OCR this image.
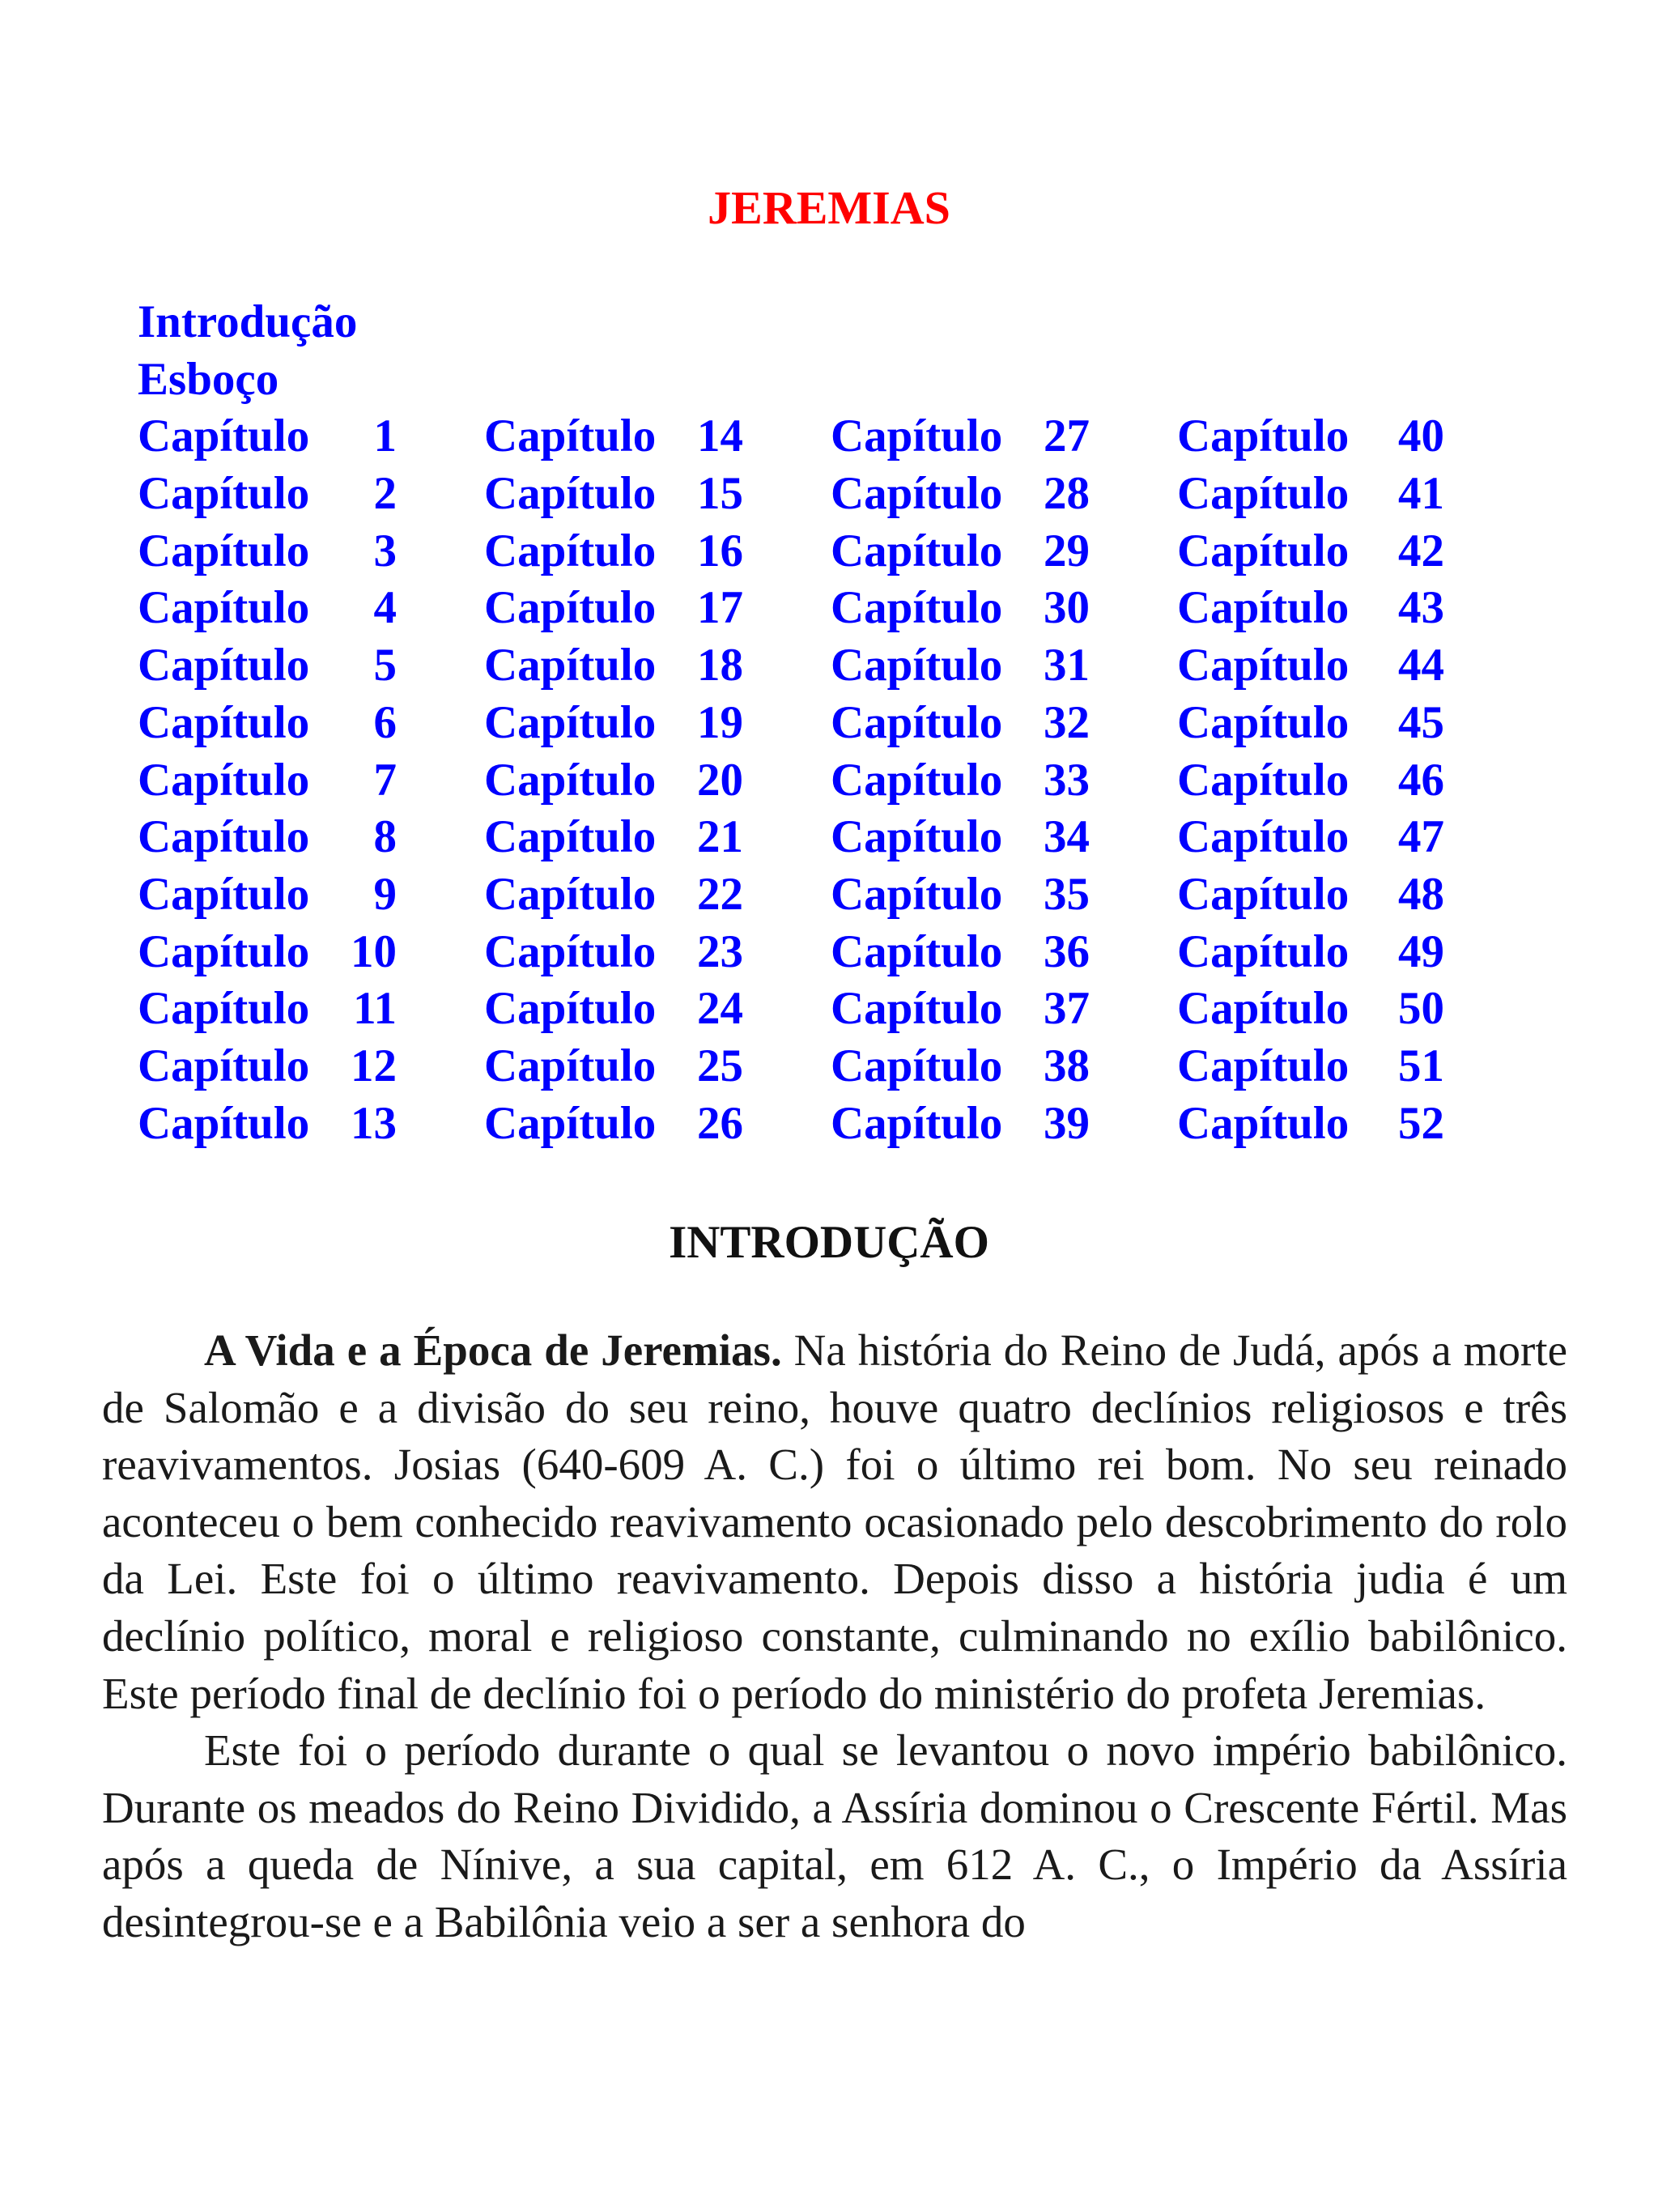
JEREMIAS
Introdução
Esboço
Capítulo 1 Capítulo 14 Capítulo 27 Capítulo 40
Capítulo 2 Capítulo 15 Capítulo 28 Capítulo 41
Capítulo 3 Capítulo 16 Capítulo 29 Capítulo 42
Capítulo 4 Capítulo 17 Capítulo 30 Capítulo 43
Capítulo 5 Capítulo 18 Capítulo 31 Capítulo 44
Capítulo 6 Capítulo 19 Capítulo 32 Capítulo 45
Capítulo 7 Capítulo 20 Capítulo 33 Capítulo 46
Capítulo 8 Capítulo 21 Capítulo 34 Capítulo 47
Capítulo 9 Capítulo 22 Capítulo 35 Capítulo 48
Capítulo 10 Capítulo 23 Capítulo 36 Capítulo 49
Capítulo 11 Capítulo 24 Capítulo 37 Capítulo 50
Capítulo 12 Capítulo 25 Capítulo 38 Capítulo 51
Capítulo 13 Capítulo 26 Capítulo 39 Capítulo 52
INTRODUÇÃO

A Vida e a Época de Jeremias. Na história do Reino de Judá, após a morte de Salomão e a divisão do seu reino, houve quatro declínios religiosos e três reavivamentos. Josias (640-609 A. C.) foi o último rei bom. No seu reinado aconteceu o bem conhecido reavivamento ocasionado pelo descobrimento do rolo da Lei. Este foi o último reavivamento. Depois disso a história judia é um declínio político, moral e religioso constante, culminando no exílio babilônico. Este período final de declínio foi o período do ministério do profeta Jeremias.

Este foi o período durante o qual se levantou o novo império babilônico. Durante os meados do Reino Dividido, a Assíria dominou o Crescente Fértil. Mas após a queda de Nínive, a sua capital, em 612 A. C., o Império da Assíria desintegrou-se e a Babilônia veio a ser a senhora do
